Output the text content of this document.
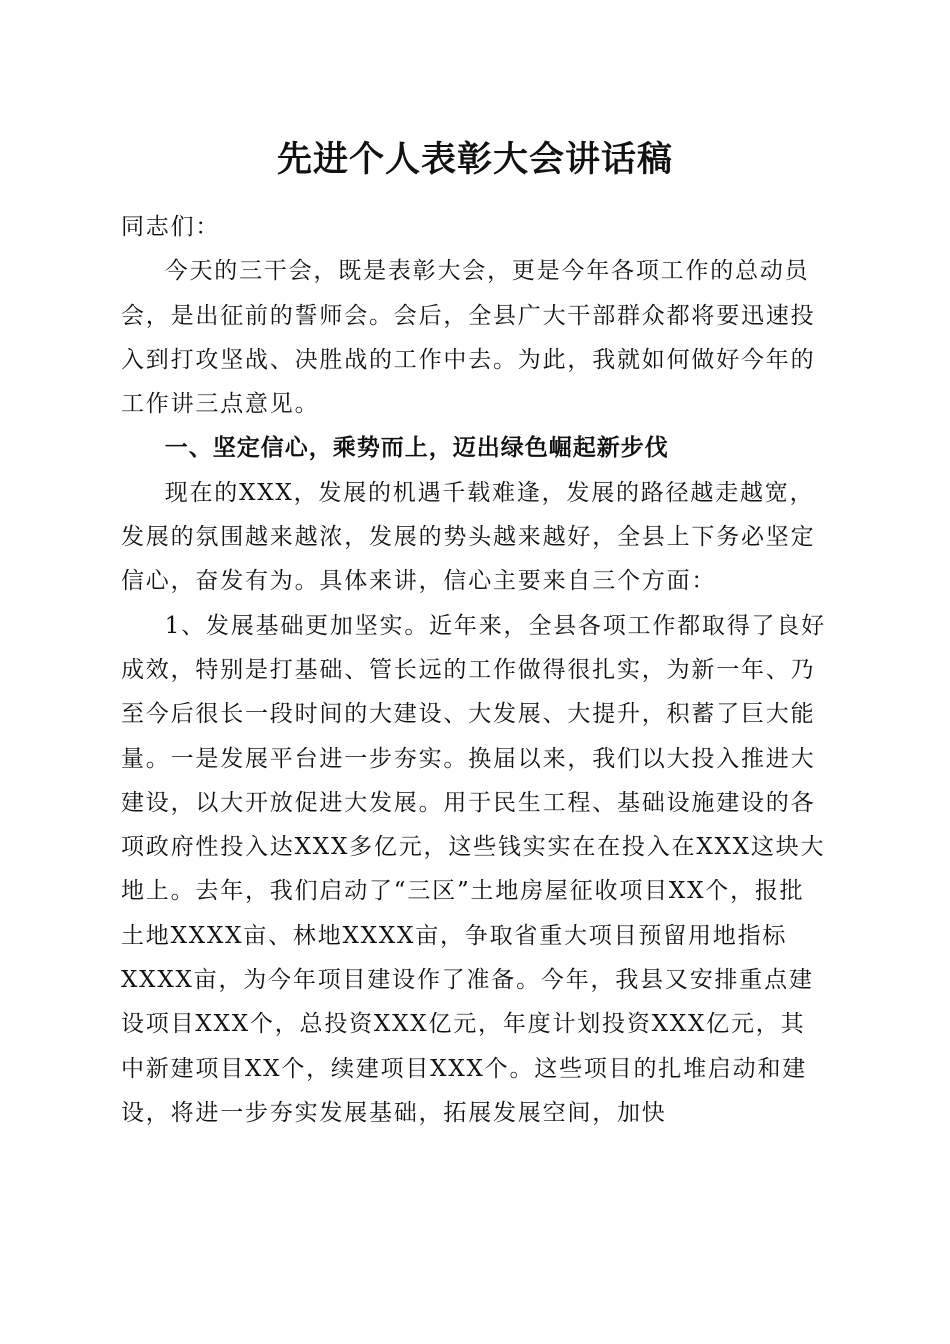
先进个人表彰大会讲话稿

同志们：

今天的三干会，既是表彰大会，更是今年各项工作的总动员会，是出征前的誓师会。会后，全县广大干部群众都将要迅速投入到打攻坚战、决胜战的工作中去。为此，我就如何做好今年的工作讲三点意见。

一、坚定信心，乘势而上，迈出绿色崛起新步伐

现在的XXX，发展的机遇千载难逢，发展的路径越走越宽，发展的氛围越来越浓，发展的势头越来越好，全县上下务必坚定信心，奋发有为。具体来讲，信心主要来自三个方面：

1、发展基础更加坚实。近年来，全县各项工作都取得了良好成效，特别是打基础、管长远的工作做得很扎实，为新一年、乃至今后很长一段时间的大建设、大发展、大提升，积蓄了巨大能量。一是发展平台进一步夯实。换届以来，我们以大投入推进大建设，以大开放促进大发展。用于民生工程、基础设施建设的各项政府性投入达XXX多亿元，这些钱实实在在投入在XXX这块大地上。去年，我们启动了“三区”土地房屋征收项目XX个，报批土地XXXX亩、林地XXXX亩，争取省重大项目预留用地指标XXXX亩，为今年项目建设作了准备。今年，我县又安排重点建设项目XXX个，总投资XXX亿元，年度计划投资XXX亿元，其中新建项目XX个，续建项目XXX个。这些项目的扎堆启动和建设，将进一步夯实发展基础，拓展发展空间，加快
